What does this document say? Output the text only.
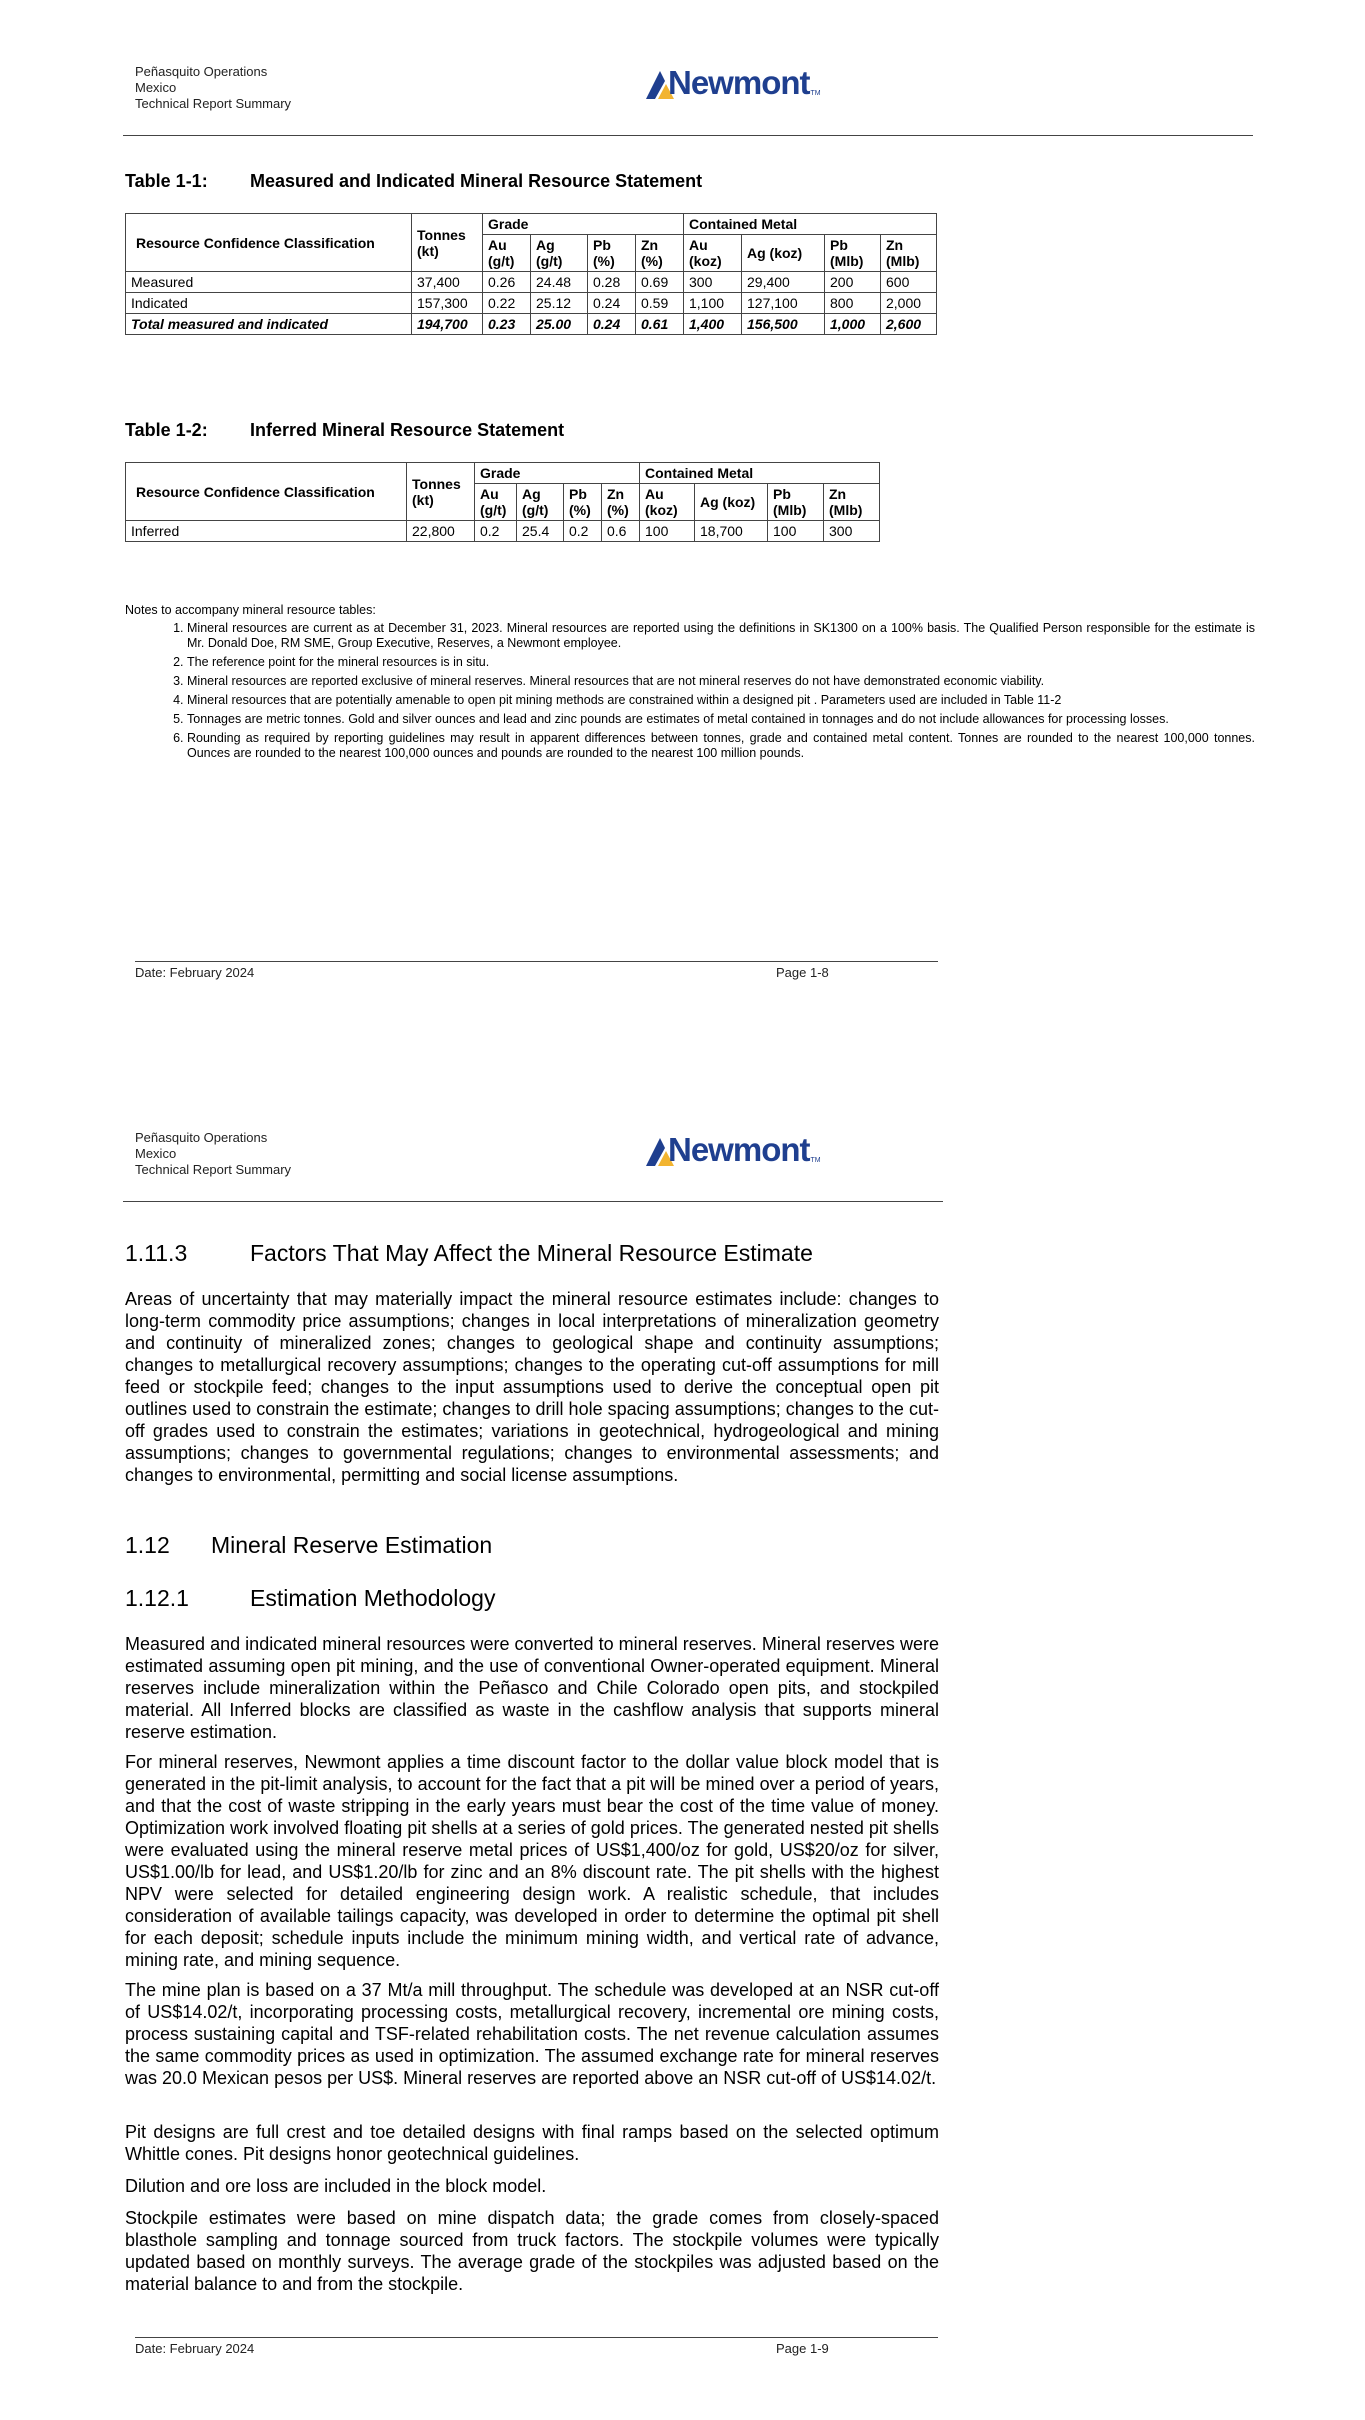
Peñasquito Operations
Mexico
Technical Report Summary
Newmont TM
Table 1-1: Measured and Indicated Mineral Resource Statement
Resource Confidence Classification	Tonnes (kt)	Grade				Contained Metal			
		Au (g/t)	Ag (g/t)	Pb (%)	Zn (%)	Au (koz)	Ag (koz)	Pb (Mlb)	Zn (Mlb)
Measured	37,400	0.26	24.48	0.28	0.69	300	29,400	200	600
Indicated	157,300	0.22	25.12	0.24	0.59	1,100	127,100	800	2,000
Total measured and indicated	194,700	0.23	25.00	0.24	0.61	1,400	156,500	1,000	2,600
Table 1-2: Inferred Mineral Resource Statement
Resource Confidence Classification	Tonnes (kt)	Grade				Contained Metal			
		Au (g/t)	Ag (g/t)	Pb (%)	Zn (%)	Au (koz)	Ag (koz)	Pb (Mlb)	Zn (Mlb)
Inferred	22,800	0.2	25.4	0.2	0.6	100	18,700	100	300
Notes to accompany mineral resource tables:
1. Mineral resources are current as at December 31, 2023. Mineral resources are reported using the definitions in SK1300 on a 100% basis. The Qualified Person responsible for the estimate is Mr. Donald Doe, RM SME, Group Executive, Reserves, a Newmont employee.
2. The reference point for the mineral resources is in situ.
3. Mineral resources are reported exclusive of mineral reserves. Mineral resources that are not mineral reserves do not have demonstrated economic viability.
4. Mineral resources that are potentially amenable to open pit mining methods are constrained within a designed pit . Parameters used are included in Table 11-2
5. Tonnages are metric tonnes. Gold and silver ounces and lead and zinc pounds are estimates of metal contained in tonnages and do not include allowances for processing losses.
6. Rounding as required by reporting guidelines may result in apparent differences between tonnes, grade and contained metal content. Tonnes are rounded to the nearest 100,000 tonnes. Ounces are rounded to the nearest 100,000 ounces and pounds are rounded to the nearest 100 million pounds.
Date: February 2024	Page 1-8
Peñasquito Operations
Mexico
Technical Report Summary
Newmont TM
1.11.3	Factors That May Affect the Mineral Resource Estimate
Areas of uncertainty that may materially impact the mineral resource estimates include: changes to long-term commodity price assumptions; changes in local interpretations of mineralization geometry and continuity of mineralized zones; changes to geological shape and continuity assumptions; changes to metallurgical recovery assumptions; changes to the operating cut-off assumptions for mill feed or stockpile feed; changes to the input assumptions used to derive the conceptual open pit outlines used to constrain the estimate; changes to drill hole spacing assumptions; changes to the cut-off grades used to constrain the estimates; variations in geotechnical, hydrogeological and mining assumptions; changes to governmental regulations; changes to environmental assessments; and changes to environmental, permitting and social license assumptions.
1.12 Mineral Reserve Estimation
1.12.1	Estimation Methodology
Measured and indicated mineral resources were converted to mineral reserves. Mineral reserves were estimated assuming open pit mining, and the use of conventional Owner-operated equipment. Mineral reserves include mineralization within the Peñasco and Chile Colorado open pits, and stockpiled material. All Inferred blocks are classified as waste in the cashflow analysis that supports mineral reserve estimation.
For mineral reserves, Newmont applies a time discount factor to the dollar value block model that is generated in the pit-limit analysis, to account for the fact that a pit will be mined over a period of years, and that the cost of waste stripping in the early years must bear the cost of the time value of money. Optimization work involved floating pit shells at a series of gold prices. The generated nested pit shells were evaluated using the mineral reserve metal prices of US$1,400/oz for gold, US$20/oz for silver, US$1.00/lb for lead, and US$1.20/lb for zinc and an 8% discount rate. The pit shells with the highest NPV were selected for detailed engineering design work. A realistic schedule, that includes consideration of available tailings capacity, was developed in order to determine the optimal pit shell for each deposit; schedule inputs include the minimum mining width, and vertical rate of advance, mining rate, and mining sequence.
The mine plan is based on a 37 Mt/a mill throughput. The schedule was developed at an NSR cut-off of US$14.02/t, incorporating processing costs, metallurgical recovery, incremental ore mining costs, process sustaining capital and TSF-related rehabilitation costs. The net revenue calculation assumes the same commodity prices as used in optimization. The assumed exchange rate for mineral reserves was 20.0 Mexican pesos per US$. Mineral reserves are reported above an NSR cut-off of US$14.02/t.
Pit designs are full crest and toe detailed designs with final ramps based on the selected optimum Whittle cones. Pit designs honor geotechnical guidelines.
Dilution and ore loss are included in the block model.
Stockpile estimates were based on mine dispatch data; the grade comes from closely-spaced blasthole sampling and tonnage sourced from truck factors. The stockpile volumes were typically updated based on monthly surveys. The average grade of the stockpiles was adjusted based on the material balance to and from the stockpile.
Date: February 2024	Page 1-9
